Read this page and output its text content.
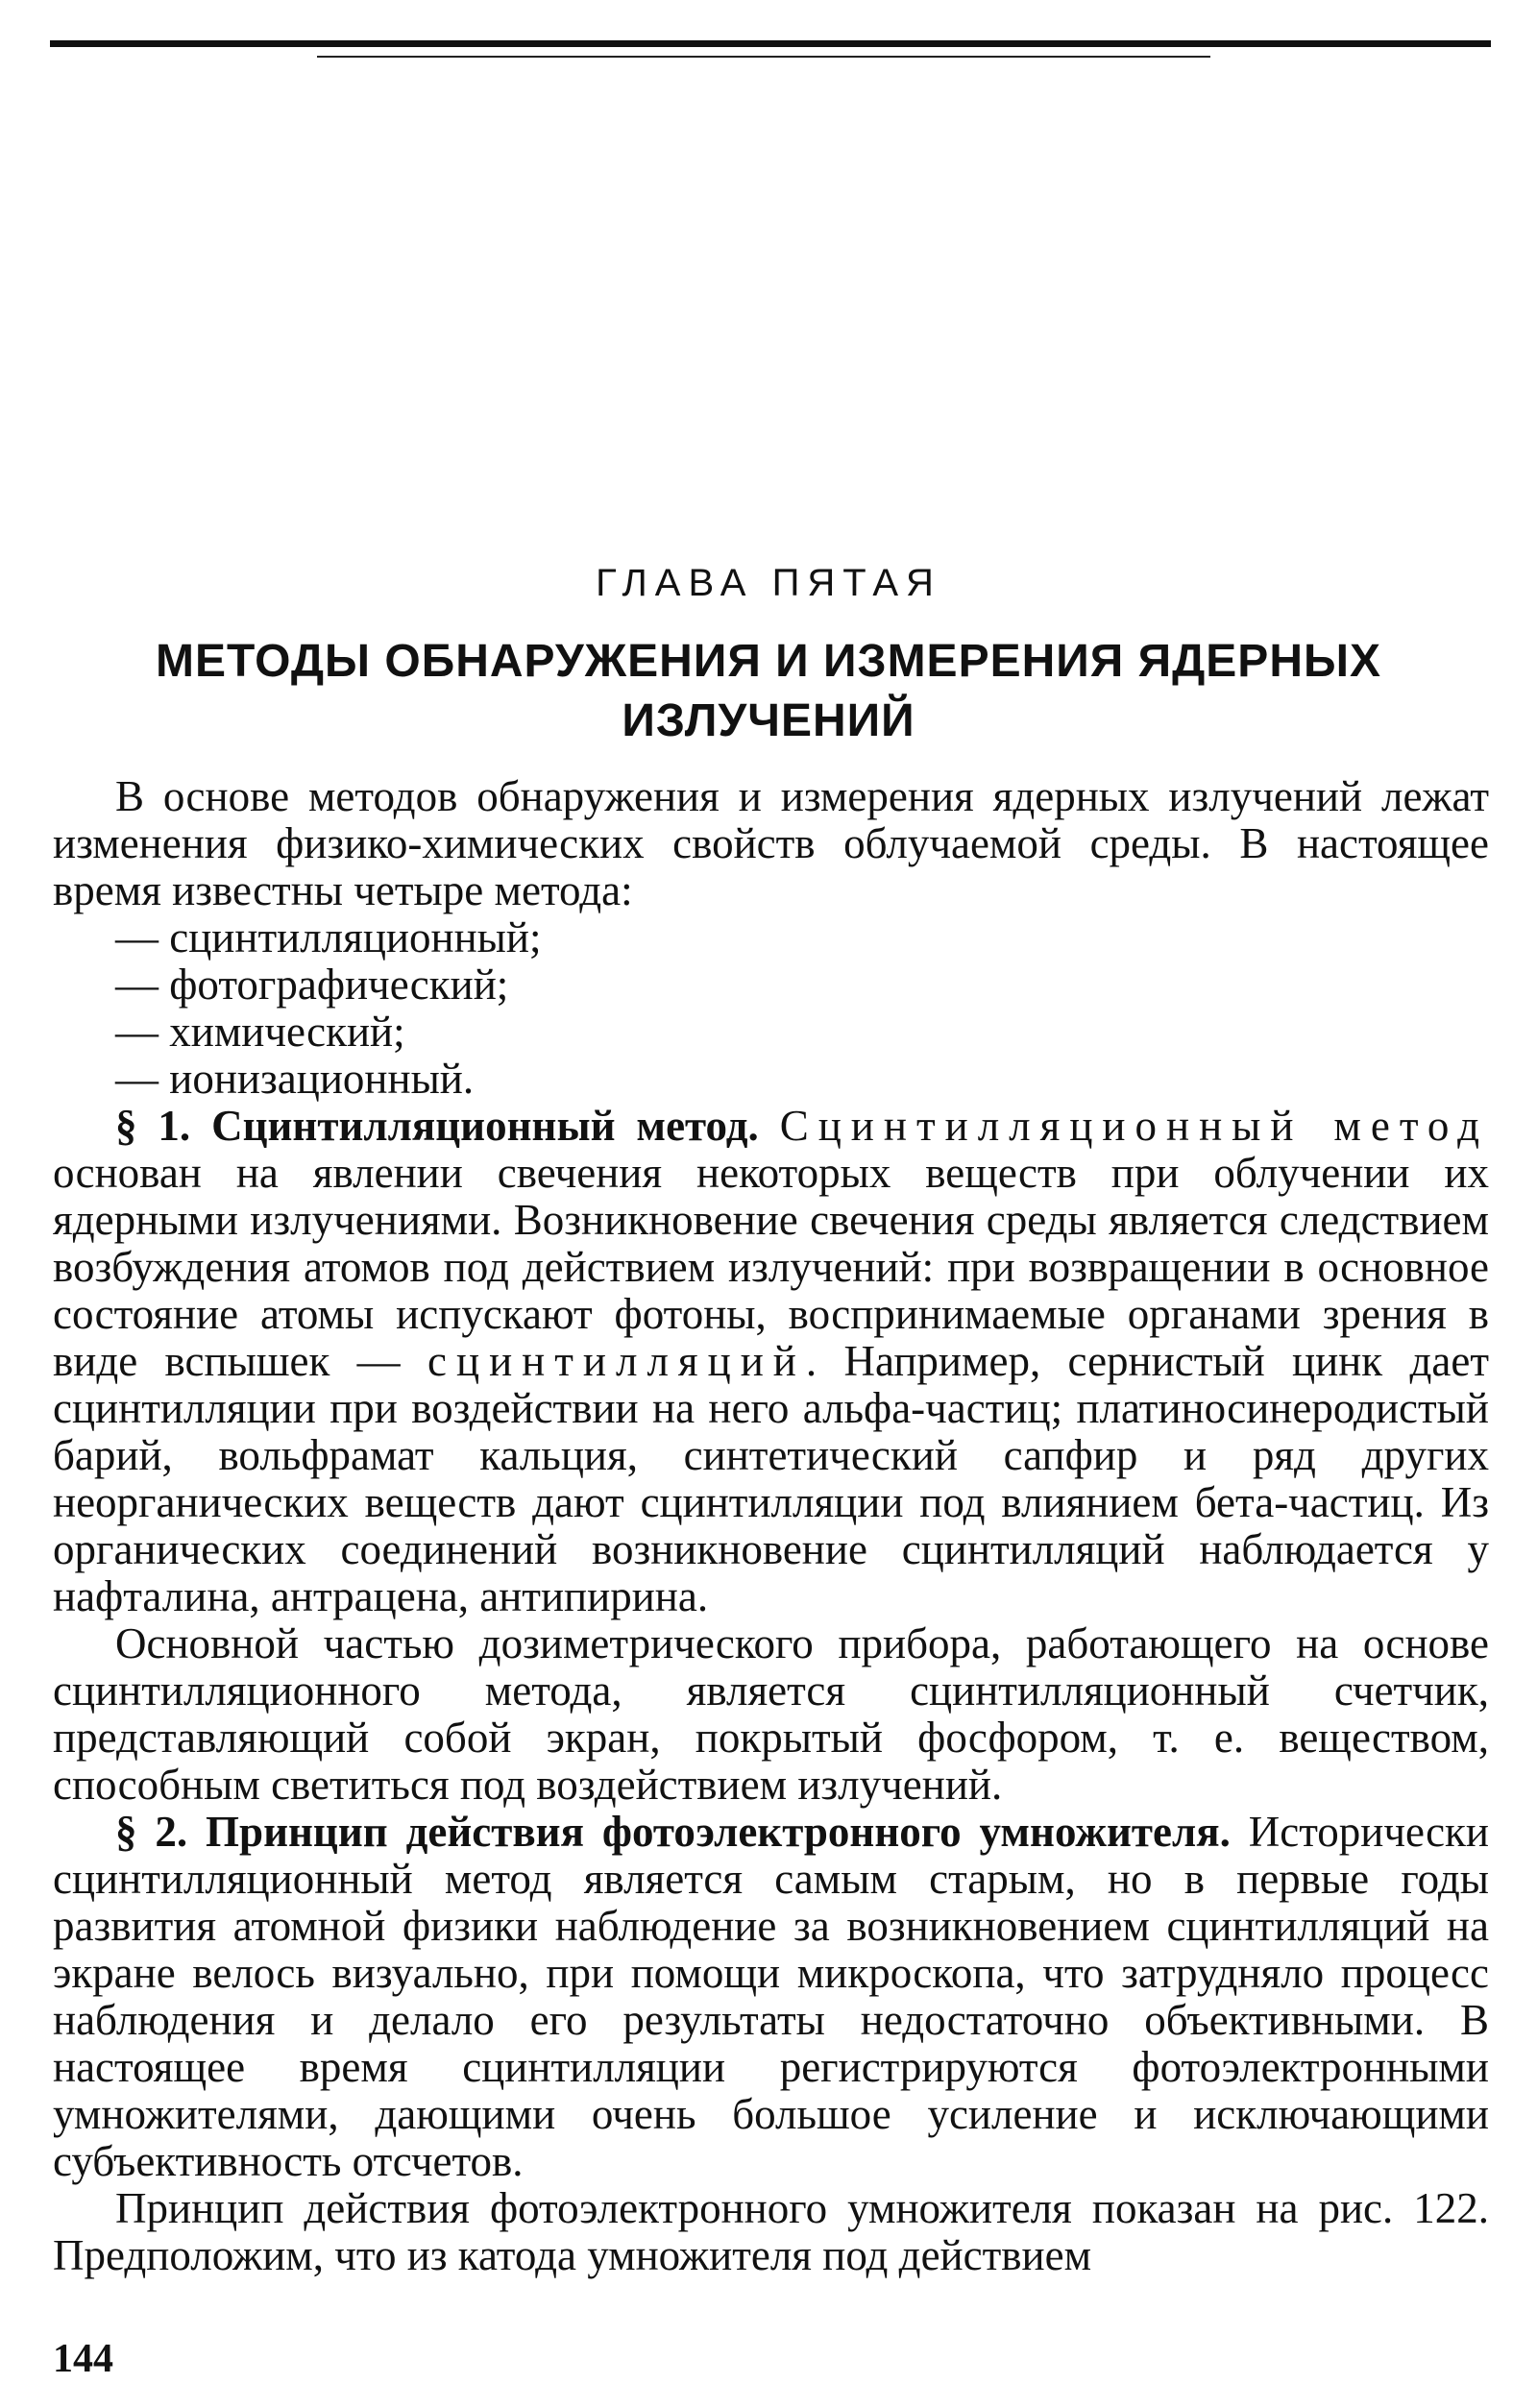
ГЛАВА ПЯТАЯ
МЕТОДЫ ОБНАРУЖЕНИЯ И ИЗМЕРЕНИЯ ЯДЕРНЫХ
ИЗЛУЧЕНИЙ

В основе методов обнаружения и измерения ядерных излучений лежат изменения физико-химических свойств облучаемой среды. В настоящее время известны четыре метода:

— сцинтилляционный;
— фотографический;
— химический;
— ионизационный.

§ 1. Сцинтилляционный метод. Сцинтилляционный метод основан на явлении свечения некоторых веществ при облучении их ядерными излучениями. Возникновение свечения среды является следствием возбуждения атомов под действием излучений: при возвращении в основное состояние атомы испускают фотоны, воспринимаемые органами зрения в виде вспышек — сцинтилляций. Например, сернистый цинк дает сцинтилляции при воздействии на него альфа-частиц; платиносинеродистый барий, вольфрамат кальция, синтетический сапфир и ряд других неорганических веществ дают сцинтилляции под влиянием бета-частиц. Из органических соединений возникновение сцинтилляций наблюдается у нафталина, антрацена, антипирина.

Основной частью дозиметрического прибора, работающего на основе сцинтилляционного метода, является сцинтилляционный счетчик, представляющий собой экран, покрытый фосфором, т. е. веществом, способным светиться под воздействием излучений.

§ 2. Принцип действия фотоэлектронного умножителя. Исторически сцинтилляционный метод является самым старым, но в первые годы развития атомной физики наблюдение за возникновением сцинтилляций на экране велось визуально, при помощи микроскопа, что затрудняло процесс наблюдения и делало его результаты недостаточно объективными. В настоящее время сцинтилляции регистрируются фотоэлектронными умножителями, дающими очень большое усиление и исключающими субъективность отсчетов.

Принцип действия фотоэлектронного умножителя показан на рис. 122. Предположим, что из катода умножителя под действием

144
